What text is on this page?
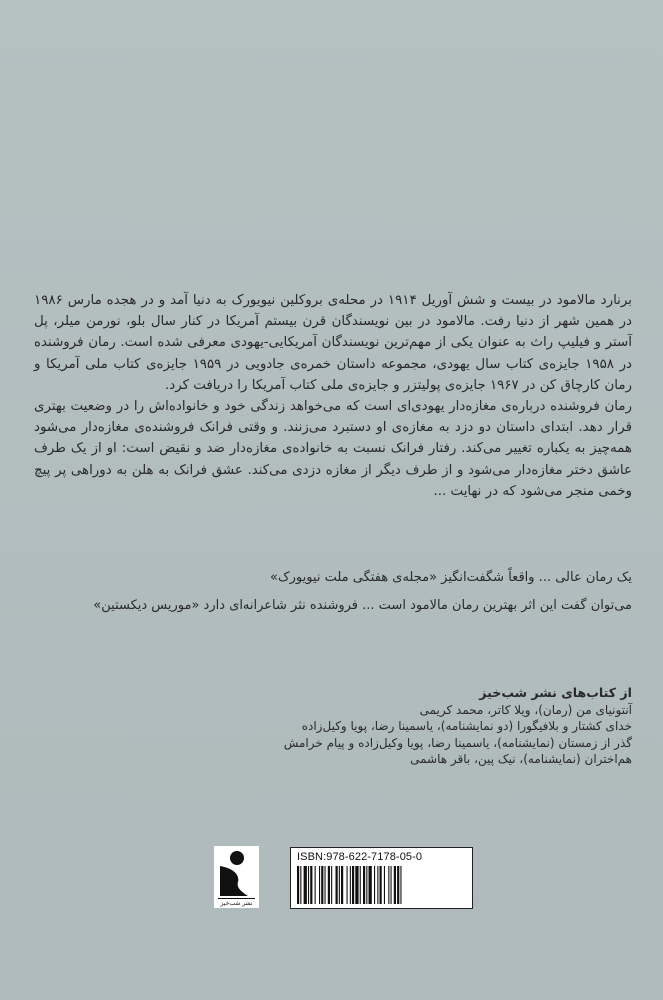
برنارد مالامود در بیست و شش آوریل ۱۹۱۴ در محله‌ی بروکلین نیویورک به دنیا آمد و در هجده مارس ۱۹۸۶ در همین شهر از دنیا رفت. مالامود در بین نویسندگان قرن بیستم آمریکا در کنار سال بلو، نورمن میلر، پل آستر و فیلیپ راث به عنوان یکی از مهم‌ترین نویسندگان آمریکایی-یهودی معرفی شده است. رمان فروشنده در ۱۹۵۸ جایزه‌ی کتاب سال یهودی، مجموعه داستان خمره‌ی جادویی در ۱۹۵۹ جایزه‌ی کتاب ملی آمریکا و رمان کارچاق کن در ۱۹۶۷ جایزه‌ی پولیتزر و جایزه‌ی ملی کتاب آمریکا را دریافت کرد.

رمان فروشنده درباره‌ی مغازه‌دار یهودی‌ای است که می‌خواهد زندگی خود و خانواده‌اش را در وضعیت بهتری قرار دهد. ابتدای داستان دو دزد به مغازه‌ی او دستبرد می‌زنند. و وقتی فرانک فروشنده‌ی مغازه‌دار می‌شود همه‌چیز به یکباره تغییر می‌کند. رفتار فرانک نسبت به خانواده‌ی مغازه‌دار ضد و نقیض است: او از یک طرف عاشق دختر مغازه‌دار می‌شود و از طرف دیگر از مغازه دزدی می‌کند. عشق فرانک به هلن به دوراهی پر پیچ وخمی منجر می‌شود که در نهایت ...

یک رمان عالی ... واقعاً شگفت‌انگیز «مجله‌ی هفتگی ملت نیویورک»

می‌توان گفت این اثر بهترین رمان مالامود است ... فروشنده نثر شاعرانه‌ای دارد «موریس دیکستین»

از کتاب‌های نشر شب‌خیز

آنتونیای من (رمان)، ویلا کاتر، محمد کریمی

خدای کشتار و بلافیگورا (دو نمایشنامه)، یاسمینا رضا، پویا وکیل‌زاده

گذر از زمستان (نمایشنامه)، یاسمینا رضا، پویا وکیل‌زاده و پیام خرامش

هم‌اختران (نمایشنامه)، نیک پین، باقر هاشمی

نشر شب‌خیز
ISBN:978-622-7178-05-0
